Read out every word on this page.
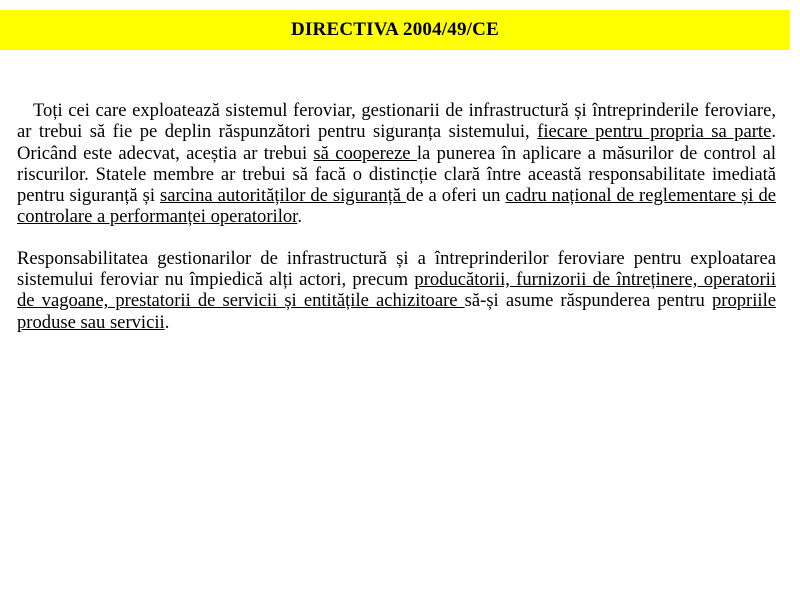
DIRECTIVA 2004/49/CE

Toți cei care exploatează sistemul feroviar, gestionarii de infrastructură și întreprinderile feroviare, ar trebui să fie pe deplin răspunzători pentru siguranța sistemului, fiecare pentru propria sa parte. Oricând este adecvat, aceștia ar trebui să coopereze la punerea în aplicare a măsurilor de control al riscurilor. Statele membre ar trebui să facă o distincție clară între această responsabilitate imediată pentru siguranță și sarcina autorităților de siguranță de a oferi un cadru național de reglementare și de controlare a performanței operatorilor.

Responsabilitatea gestionarilor de infrastructură și a întreprinderilor feroviare pentru exploatarea sistemului feroviar nu împiedică alți actori, precum producătorii, furnizorii de întreținere, operatorii de vagoane, prestatorii de servicii și entitățile achizitoare să-și asume răspunderea pentru propriile produse sau servicii.
